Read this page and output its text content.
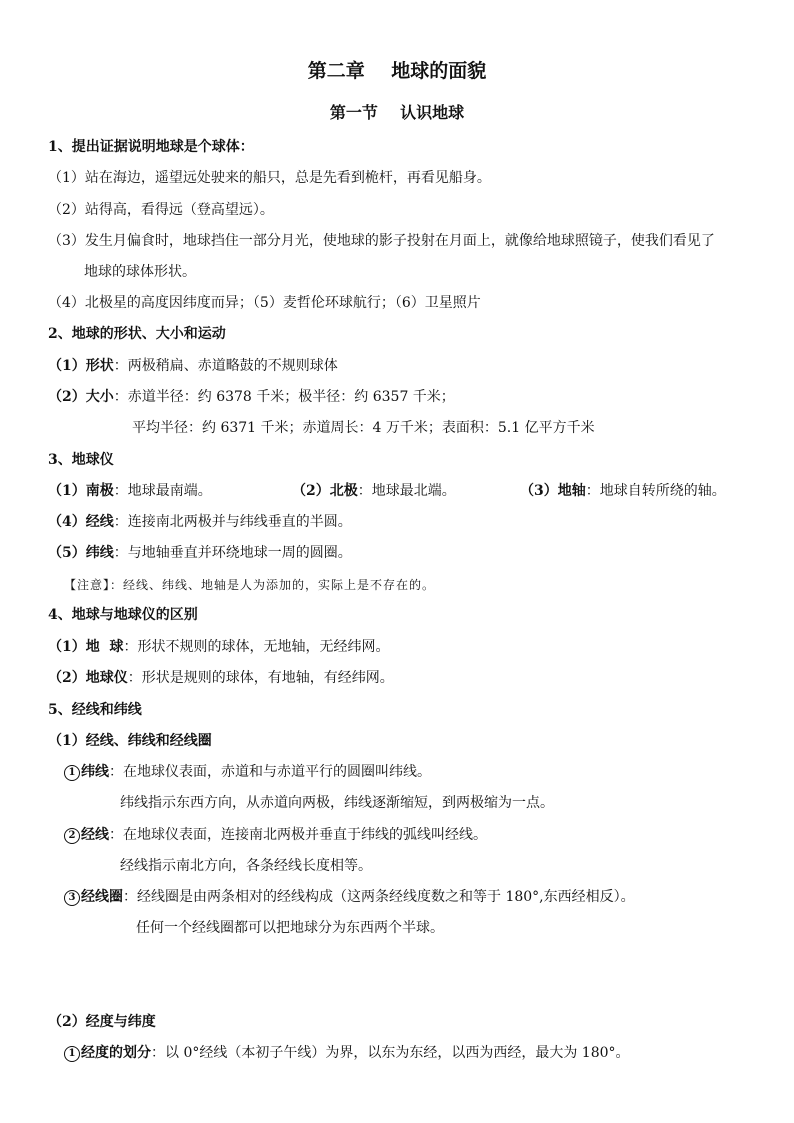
第二章    地球的面貌
第一节    认识地球
1、提出证据说明地球是个球体：
（1）站在海边，遥望远处驶来的船只，总是先看到桅杆，再看见船身。
（2）站得高，看得远（登高望远）。
（3）发生月偏食时，地球挡住一部分月光，使地球的影子投射在月面上，就像给地球照镜子，使我们看见了
地球的球体形状。
（4）北极星的高度因纬度而异；（5）麦哲伦环球航行；（6）卫星照片
2、地球的形状、大小和运动
（1）形状：两极稍扁、赤道略鼓的不规则球体
（2）大小：赤道半径：约 6378 千米；极半径：约 6357 千米；
平均半径：约 6371 千米；赤道周长：4 万千米；表面积：5.1 亿平方千米
3、地球仪
（1）南极：地球最南端。	（2）北极：地球最北端。	（3）地轴：地球自转所绕的轴。
（4）经线：连接南北两极并与纬线垂直的半圆。
（5）纬线：与地轴垂直并环绕地球一周的圆圈。
【注意】：经线、纬线、地轴是人为添加的，实际上是不存在的。
4、地球与地球仪的区别
（1）地  球：形状不规则的球体，无地轴，无经纬网。
（2）地球仪：形状是规则的球体，有地轴，有经纬网。
5、经线和纬线
（1）经线、纬线和经线圈
1 纬线：在地球仪表面，赤道和与赤道平行的圆圈叫纬线。
纬线指示东西方向，从赤道向两极，纬线逐渐缩短，到两极缩为一点。
2 经线：在地球仪表面，连接南北两极并垂直于纬线的弧线叫经线。
经线指示南北方向，各条经线长度相等。
3 经线圈：经线圈是由两条相对的经线构成（这两条经线度数之和等于 180°,东西经相反）。
任何一个经线圈都可以把地球分为东西两个半球。
（2）经度与纬度
1 经度的划分：以 0°经线（本初子午线）为界，以东为东经，以西为西经，最大为 180°。
